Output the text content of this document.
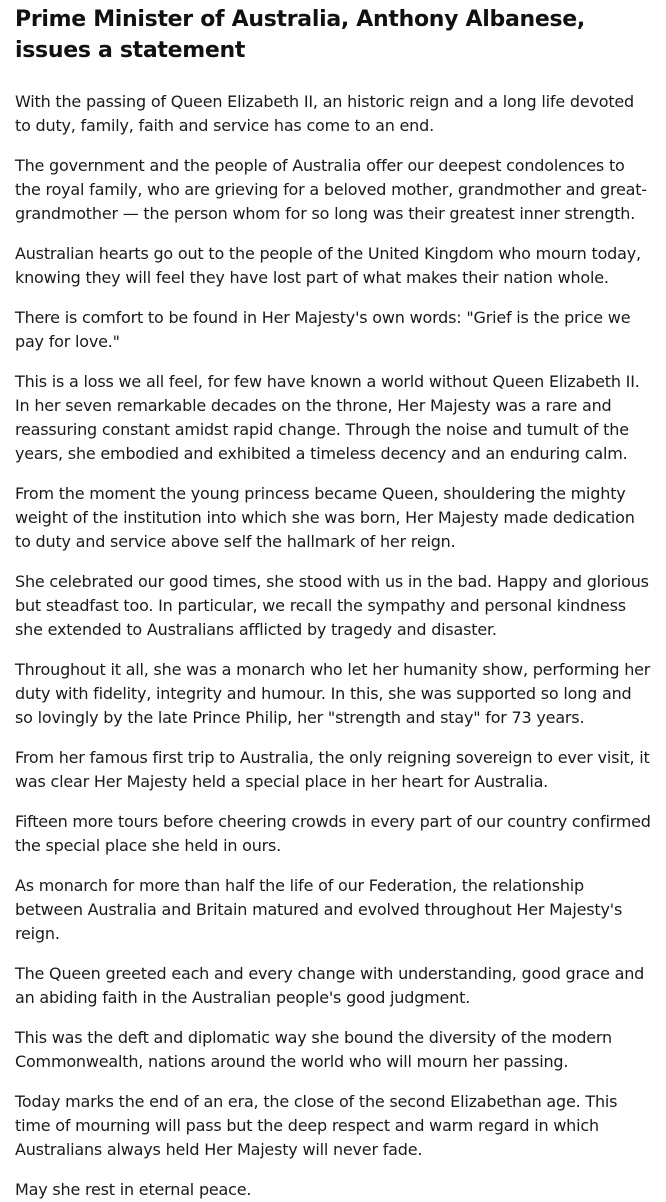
Prime Minister of Australia, Anthony Albanese, issues a statement

With the passing of Queen Elizabeth II, an historic reign and a long life devoted to duty, family, faith and service has come to an end.

The government and the people of Australia offer our deepest condolences to the royal family, who are grieving for a beloved mother, grandmother and great-grandmother — the person whom for so long was their greatest inner strength.

Australian hearts go out to the people of the United Kingdom who mourn today, knowing they will feel they have lost part of what makes their nation whole.

There is comfort to be found in Her Majesty's own words: "Grief is the price we pay for love."

This is a loss we all feel, for few have known a world without Queen Elizabeth II. In her seven remarkable decades on the throne, Her Majesty was a rare and reassuring constant amidst rapid change. Through the noise and tumult of the years, she embodied and exhibited a timeless decency and an enduring calm.

From the moment the young princess became Queen, shouldering the mighty weight of the institution into which she was born, Her Majesty made dedication to duty and service above self the hallmark of her reign.

She celebrated our good times, she stood with us in the bad. Happy and glorious but steadfast too. In particular, we recall the sympathy and personal kindness she extended to Australians afflicted by tragedy and disaster.

Throughout it all, she was a monarch who let her humanity show, performing her duty with fidelity, integrity and humour. In this, she was supported so long and so lovingly by the late Prince Philip, her "strength and stay" for 73 years.

From her famous first trip to Australia, the only reigning sovereign to ever visit, it was clear Her Majesty held a special place in her heart for Australia.

Fifteen more tours before cheering crowds in every part of our country confirmed the special place she held in ours.

As monarch for more than half the life of our Federation, the relationship between Australia and Britain matured and evolved throughout Her Majesty's reign.

The Queen greeted each and every change with understanding, good grace and an abiding faith in the Australian people's good judgment.

This was the deft and diplomatic way she bound the diversity of the modern Commonwealth, nations around the world who will mourn her passing.

Today marks the end of an era, the close of the second Elizabethan age. This time of mourning will pass but the deep respect and warm regard in which Australians always held Her Majesty will never fade.

May she rest in eternal peace.
